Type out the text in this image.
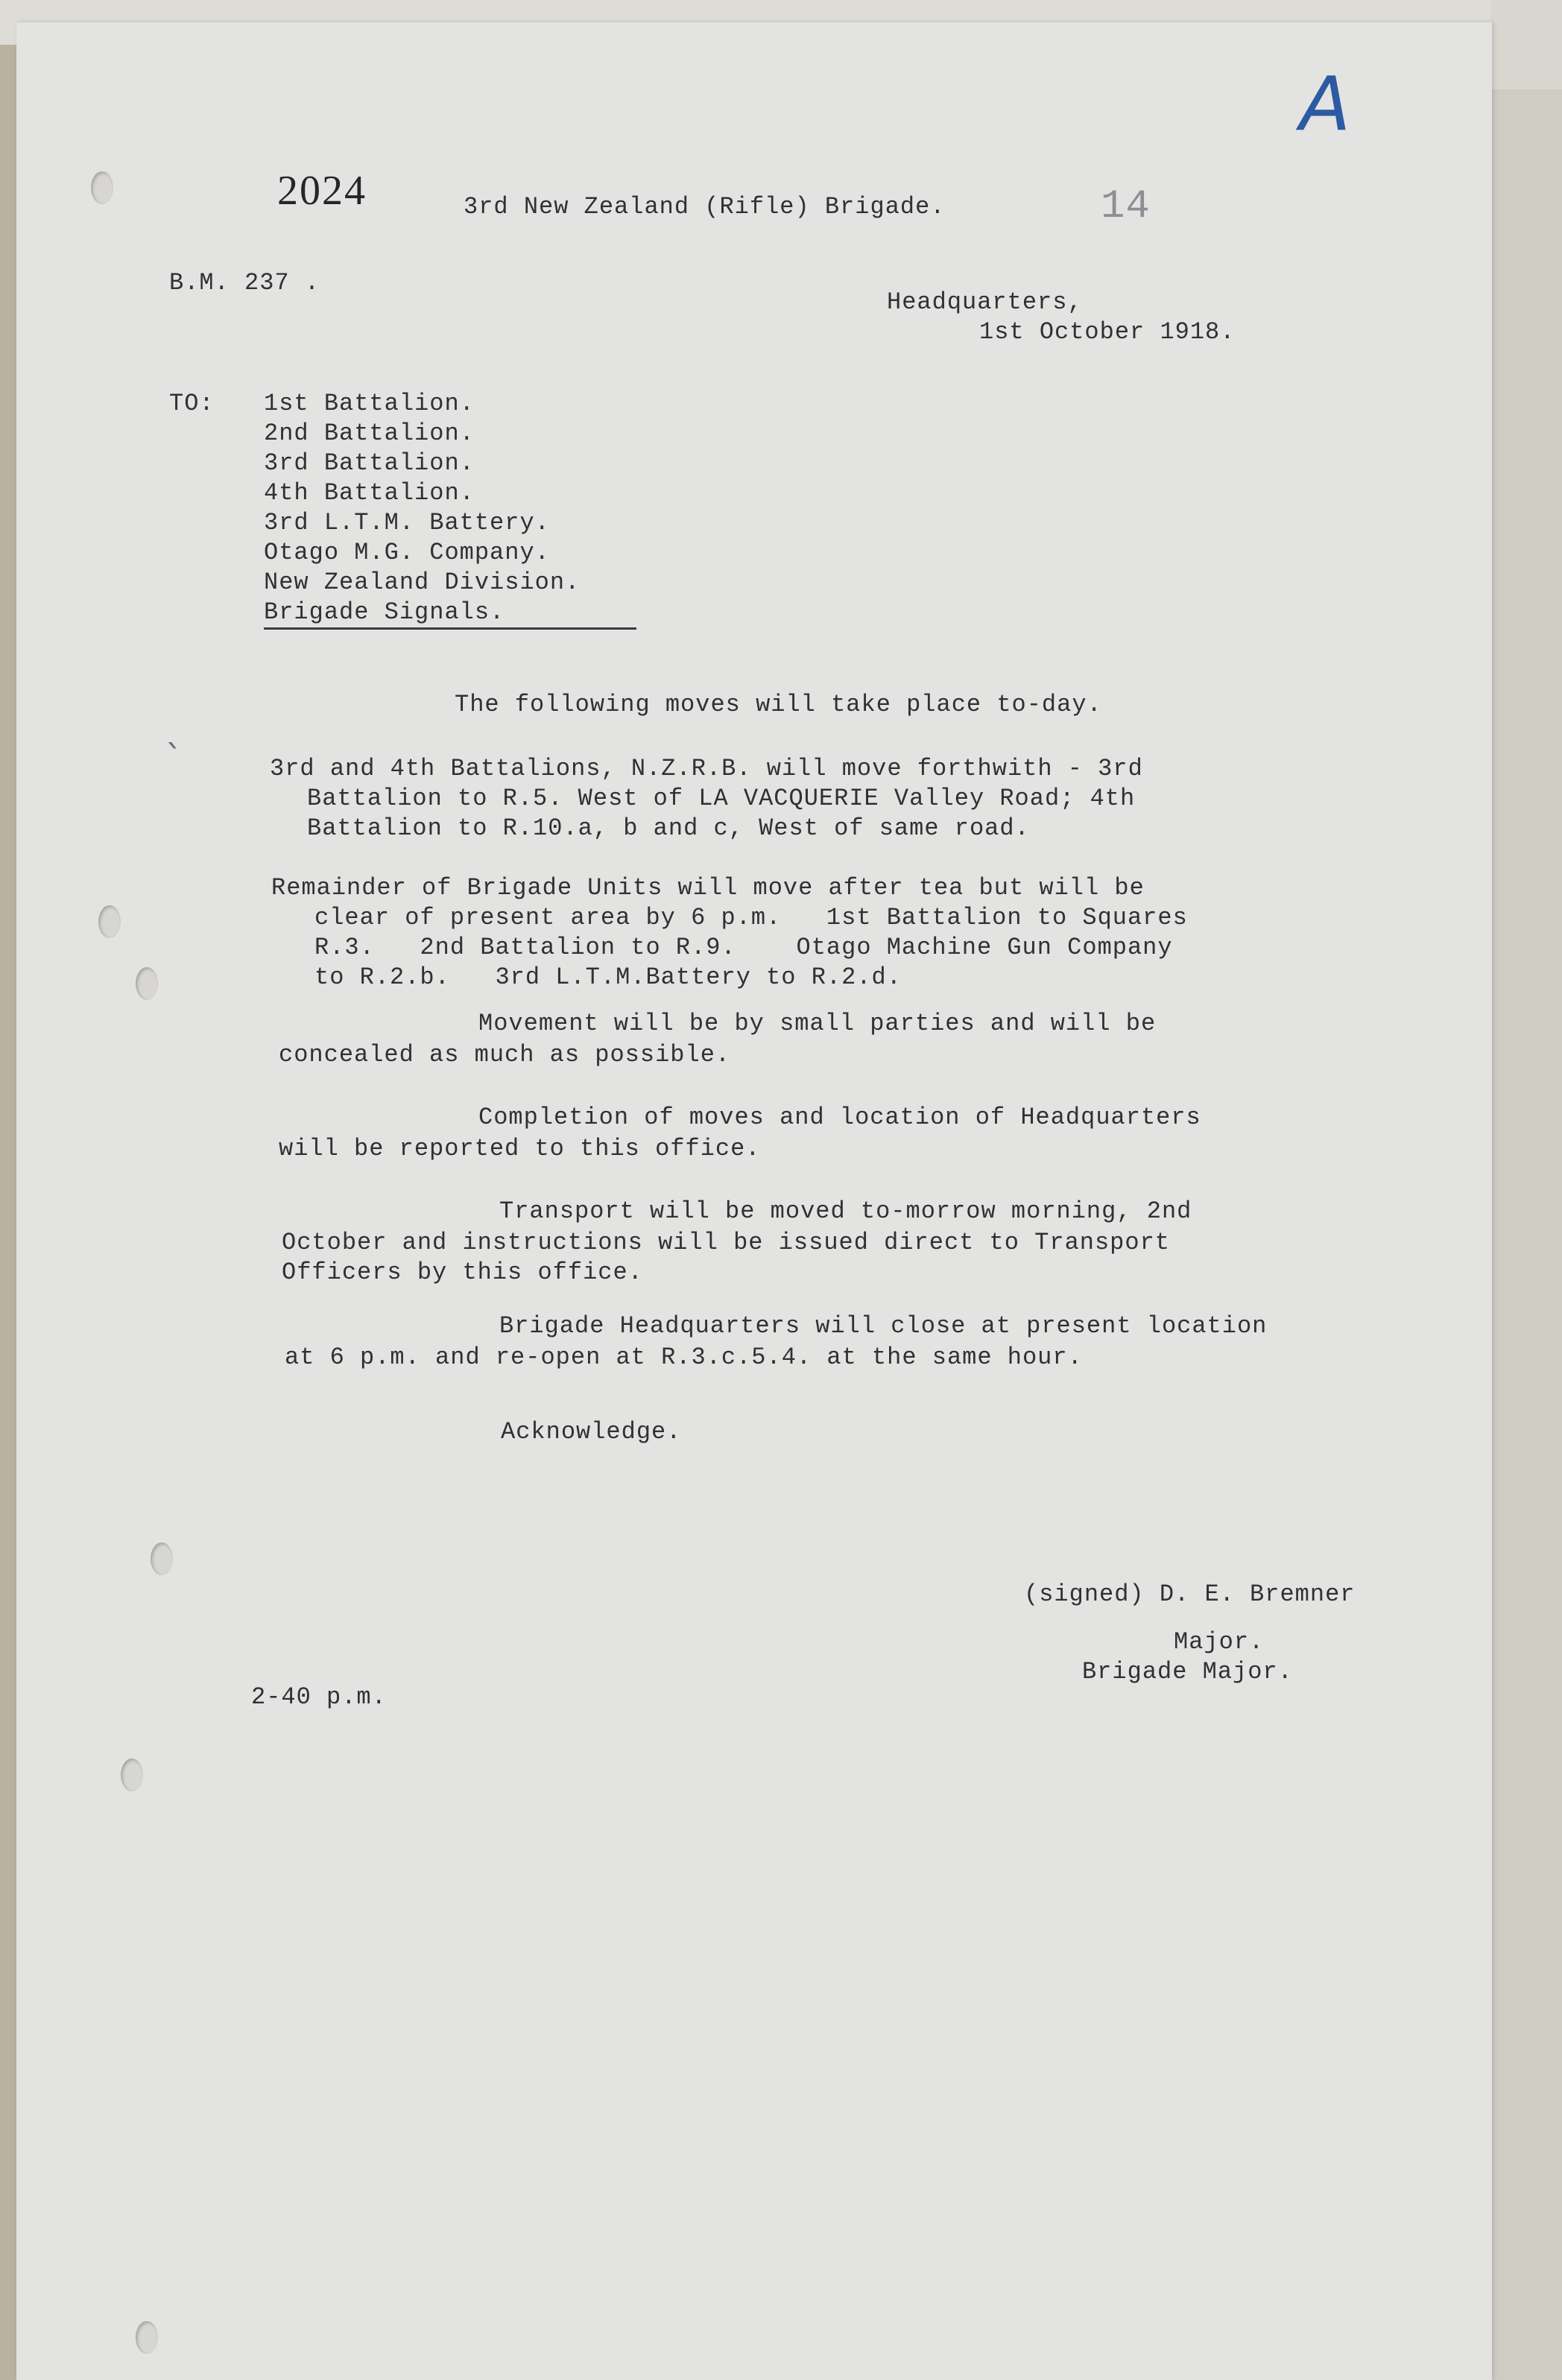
`
A
14
2024	3rd New Zealand (Rifle) Brigade.
B.M. 237 .
Headquarters,
1st October 1918.
TO: 1st Battalion.
2nd Battalion.
3rd Battalion.
4th Battalion.
3rd L.T.M. Battery.
Otago M.G. Company.
New Zealand Division.
Brigade Signals.
The following moves will take place to-day.
3rd and 4th Battalions, N.Z.R.B. will move forthwith - 3rd
Battalion to R.5. West of LA VACQUERIE Valley Road; 4th
Battalion to R.10.a, b and c, West of same road.
Remainder of Brigade Units will move after tea but will be
clear of present area by 6 p.m.   1st Battalion to Squares
R.3.   2nd Battalion to R.9.    Otago Machine Gun Company
to R.2.b.   3rd L.T.M.Battery to R.2.d.
Movement will be by small parties and will be
concealed as much as possible.
Completion of moves and location of Headquarters
will be reported to this office.
Transport will be moved to-morrow morning, 2nd
October and instructions will be issued direct to Transport
Officers by this office.
Brigade Headquarters will close at present location
at 6 p.m. and re-open at R.3.c.5.4. at the same hour.
Acknowledge.
(signed) D. E. Bremner
Major.
Brigade Major.
2-40 p.m.
